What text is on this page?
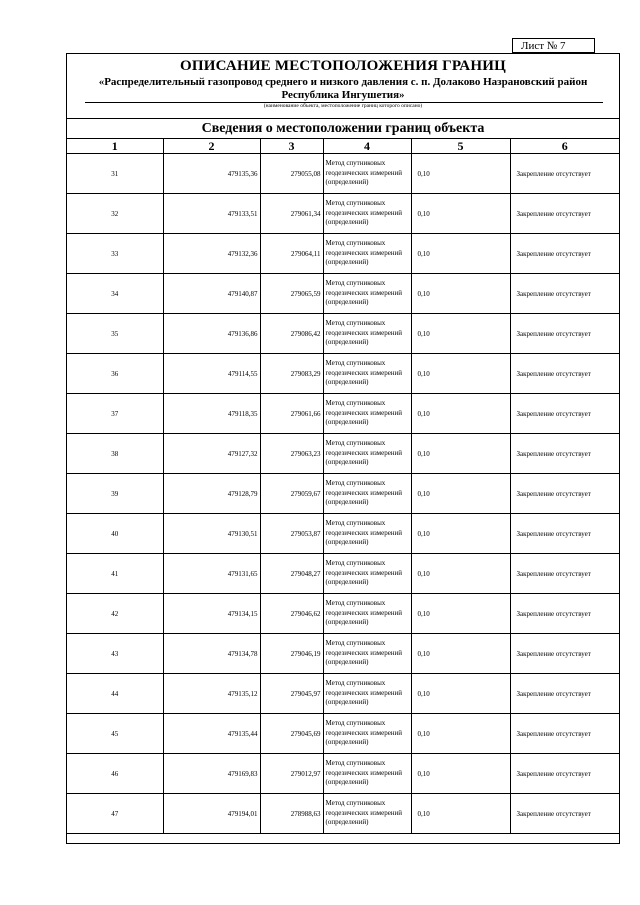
Лист № 7
ОПИСАНИЕ МЕСТОПОЛОЖЕНИЯ ГРАНИЦ
«Распределительный газопровод среднего и низкого давления с. п. Долаково Назрановский район Республика Ингушетия»
(наименование объекта, местоположение границ которого описано)
Сведения о местоположении границ объекта
1	2	3	4	5	6
31	479135,36	279055,08	Метод спутниковых геодезических измерений (определений)	0,10	Закрепление отсутствует
32	479133,51	279061,34	Метод спутниковых геодезических измерений (определений)	0,10	Закрепление отсутствует
33	479132,36	279064,11	Метод спутниковых геодезических измерений (определений)	0,10	Закрепление отсутствует
34	479140,87	279065,59	Метод спутниковых геодезических измерений (определений)	0,10	Закрепление отсутствует
35	479136,86	279086,42	Метод спутниковых геодезических измерений (определений)	0,10	Закрепление отсутствует
36	479114,55	279083,29	Метод спутниковых геодезических измерений (определений)	0,10	Закрепление отсутствует
37	479118,35	279061,66	Метод спутниковых геодезических измерений (определений)	0,10	Закрепление отсутствует
38	479127,32	279063,23	Метод спутниковых геодезических измерений (определений)	0,10	Закрепление отсутствует
39	479128,79	279059,67	Метод спутниковых геодезических измерений (определений)	0,10	Закрепление отсутствует
40	479130,51	279053,87	Метод спутниковых геодезических измерений (определений)	0,10	Закрепление отсутствует
41	479131,65	279048,27	Метод спутниковых геодезических измерений (определений)	0,10	Закрепление отсутствует
42	479134,15	279046,62	Метод спутниковых геодезических измерений (определений)	0,10	Закрепление отсутствует
43	479134,78	279046,19	Метод спутниковых геодезических измерений (определений)	0,10	Закрепление отсутствует
44	479135,12	279045,97	Метод спутниковых геодезических измерений (определений)	0,10	Закрепление отсутствует
45	479135,44	279045,69	Метод спутниковых геодезических измерений (определений)	0,10	Закрепление отсутствует
46	479169,83	279012,97	Метод спутниковых геодезических измерений (определений)	0,10	Закрепление отсутствует
47	479194,01	278988,63	Метод спутниковых геодезических измерений (определений)	0,10	Закрепление отсутствует
